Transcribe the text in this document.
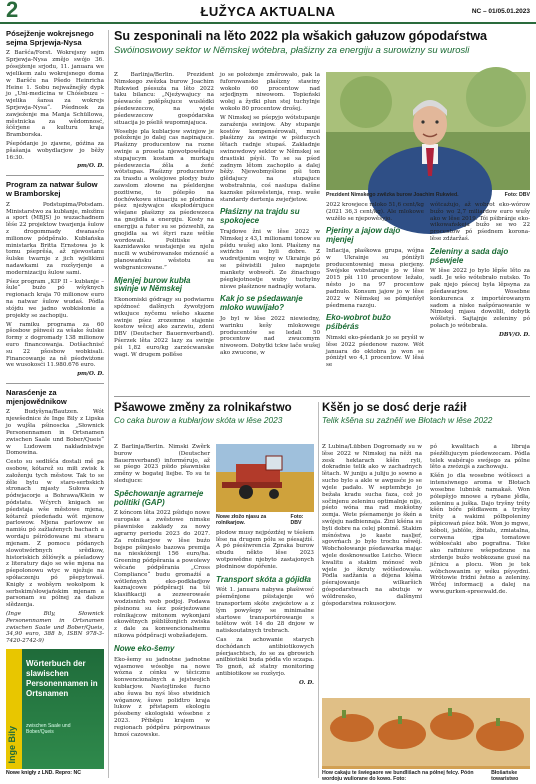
2	ŁUŽYCA AKTUALNA	NC – 01/05.01.2023
Pósejženje wokrejsnego sejma Sprjewja-Nysa

Z Baršća/Forst. Wokrejsny sejm Sprjewja-Nysa změjo swójo 36. pósejźenje srjodu, 11. januara we wjelikem zalu wokrejsnego doma w Baršću na Pšedo Heinricha Heine 1. Sobu nejwažnejšy dypk jo „Uni-medicina w Chóśebuzu – wjelika šansa za wokrejs Sprjewja-Nysa“. Pśednosk za zawjeźenje ma Manja Schüllowa, městnicka za wědomnosć, šćěrjene a kulturu kraja Bramborska.

Pśepódanje jo zjawne, góźina za pšašanja wobydlarjow jo běžy 16:30.

pm/O. D.
Program za natwar šulow w Bramborskej

Z Podstupima/Potsdam. Ministarstwo za kubłanje, młoźinu a sport (MBJS) jo wuzachadnem lěśe 22 projektow twarjenja šulow z drogommady dwanasćo milionow pódpěralo. Kubłańska ministarka Britta Ernstowa jo k tomu pśeprěśa, až njewostanu šulske twarnje z jich wjelikimi nadawkami za rozšyrjenje a modernizaciju šulow sami.

Pśez program „KIP II – kubłanje – šule“ buźo pó wšyknych regionach kraja 70 milionow euro na natwar šulow wudaś. Pódla stójdu we jadno wobkisłonie a projekty se zachopiju.

W ramiku programa za 60 pšosbow pšiweśi za wšake šulske formy z dogromady 138 milionow euro financowanja. Dotšachnisć su 22 pšosbow wobkisali. Financowanje za ně pśedwiźone we wusokosći 11.980.676 euro.

pm/O. D.
Narasćenje za mjenjowědnikow

Z Budyšyna/Bautzen. Wót njewšednice źe Inge Bily z Lipska jo wujšla pśinoscka „Słownick Personennamen in Ortsnamen zwischen Saale und Bober/Queis“ w Ludowem nakładnistwje Domowina.

Cesto su sedłišća dostali mě pa osobow, kótarež su miłi zwisk k załoženju tych městow. Tak to se źěle bylu w staro-serbskich stronach mjasty Sułowa w pódwjacorje a Bohrawa/Klein w pódstatu. Wćyrch knigach se pśedstaja wše městowe mjena, kótarež pśedeńadu wót mjenow parlowow. Mjena parlowow se namiśu pó zažlaźenych bachach a wordaju pśiródowane mi stwaru mjenam. Z pomocu pódanych slowotwórbnych srědkow, historiskich źělówýk a pśeladowy z literatury dajo se wše mjena na pśepolonowu wtyc w nježuje na spółaczenju pó pšepytowaš. Knigły z wobšyrn wokołpom k serbskim/słowjańskim mjenam a parsonam su pólnej za dalsze slědzenja.

(Inge Bily, Słownick Personennamen in Ortsnamen zwischen Saale und Bober/Queis, 34,90 euro, 388 b, ISBN 978-3-7420-2742-9)

Inge Bily
Wörterbuch der slawischen Personennamen in Ortsnamen
zwischen Saale und Bober/Queis
Nowe knigły z LND. Repro: NC
Su zesponinali na lěto 2022 pla wšakich gałuzow gópodaŕstwa
Swóinoswowy sektor w Němskej wótebra, płašizny za energiju a surowizny su wurosli

Z Barlinja/Berlin. Prezident Nimskego zwězka burow Joachim Rukwied pśesuźa na lěto 2022 taku bilancu: „Njeźywajucy na pśewacée połěpšujuce wuslédki pśedewzecow, na wjele pśedewzecow gospódarska situacija jo pśeliš wupomnjajuca.

Wosebje pla kublarjow swinjow je položenje jo dalej cas napinajuce. Płaśizny producentow na rozne swinje a proseta njewotpowědaju stupajucym kostam a murkaju pśedewzecia źěla a źeńć wótstupas. Płaśizny producentow za trasdu a wolejowe plodyy buźo zawslom złowne na pśeldenjne pozitiwne, to pólepšo na dochówkowu situaciju se plodnina pśez njeźywajce ekspłodérujuce wšejane płaśizny za pśedewzeca na gnojidła a energiju. Kosty na energiju a futer su se pózwehli, za gnojidła sa wi štyri raze wětše wordowali. Politiske a kaznidawske wustajenje su njelu nucili w wubérowanske mózność a płanowańsku wěstotu su wobgranicowane.”

Mjenjej burow kubła swinje w Němskej

Ekonomiski gódragy su podwiarnu spóźnosć dalšnych źywotyjom wikujuce nyčemu wšeho skazne swinje pśez zrozemne stajenie kostow wěcej ako zarzwiu, zdeni DBV (Deutscher Bauernverband). Pśerzek lěta 2022 lazy za swinje pśi 1,82 euro/kg zarzócwanske wagi. W drugem połlěse

jo se położenje změrowało, pak la fuforowanske płaśizny stawiny wokoło 60 procentow nad srjedjnym niwowom. Topieński wołej a žydki plun stej tuchylnje wokoło 80 procentow drošej.

W Nimskej se pśepyjo wótstupanje zaraźenja swinjow. Aby stupanje kostów kompensérowali, musi płaśizny za swinje w pśiducych lětach radnje stupaś. Zakładnje swinowdowy sektor w Němskej se drastiski pśyśi. To se sa pśed zadnym lětom zachopiło a dalej běžy. Njewobmyślone pśi tom glědajucy na stupajuce wobstrahnia, coś naslupa dalšne kaznske pśiswěstenja, resp. wuše standardy dertenja zwjeŕjetow.

Płaśizny na trajdu su spokojece

Trajdowe žni w lěse 2022 w Nimskej z 43,1 milionami tonow su pśidu wušej ako loni. Płaśizny na swińcho su byli dobre. Z wudretjenim wojny w Ukrainje pó se pśiwistili jułeo napnjete mankety wobwoři. Ze źinachugo pśeglejotnostje wuby tuchylny niswe płaśiznow nadnajšy wotara.

Kak jo se pśedawanje mloko wuwijało?

Jo byl w lěse 2022 niewiedny, warinku kešy mlokowege producentów se ledali 50 procentow nad zwucomym niwowom. Dobytki tckw lače wušej ako zwucone, w

Prezident Nimskego zwězka burow Joachim Rukwied.	Foto: DBV

2022 krowjece mloko 51,6 cent/kg (2021 36,3 cent/kg). Ale mlokowe wuźělo se njepowěšyjo.

Pjeriny a jajow dajo mjenjej

Inflacija, płaśkowa grupa, wójna w Ukrainje su pónižyli producentowniej mesa pierjeny. Swójske wobstaranje jo w lěse 2015 pši 110 procentow ležało, nésto jo na 97 procentow padnuło. Konsum jajow jo w lěse 2022 w Němskej se pómjeńšył pśedmena razoju.

Eko-wobrot bužo pśibérás

Nimski eko-pśedank jo se pryśił w lěse 2022 pśedenow razow. Wót januara do oktobra jo won se póniźył wo 4,1 procentow. W lěsá se

wótcaźujo, až wobrot eko-wórow bužo wo 2,7 miliardow euro wušy ako w lěse 2019. Tói pśibránje eko-wikowańskeja bužo se wo 22 procentow pó pśednem korona-lěse zdźaržaś.

Zeleniny a sada dajo pśewjele

W lěse 2022 jo bylo lěpše lěto za sadł. Je wšo wótebrało nutsko. To pak njejo pśecej była lěpsyna za pśedawarjow. Wosebne konkurenca z importérowanym sadom a niske našpóraowanie w Nimskej mjasu dowoliłi, dobytk wóšletyš. Sajtajnje zeleniny pó połach jo wótebrała.

DBV/O. D.
Pšawowe změny za rolnikaŕstwo
Co caka burow a kubłarjow skóta w lěse 2023

Z Barlinja/Berlin. Nimski Zwěrk burow (Deutscher Bauernverband) informérujo, až se pśego 2023 pśido pšawniske změny w bogatej liejbe. To su te sledujuce:

Spěchowanje agrarneje politiki (GAP)

Z kóncom lěta 2022 pśidujo nowe europske a zwěstowe nimske pšawniske zakłady za nowy agrarny periodu 2023 do 2027. Za rolnikarjow w lěse buźo bojspe pśinjesło bazowa premija na nieskóżenji 156 euro/ha. Greening pódpěrania a powolewy wěcańe pódpěrania „Cross Compliance“ budu gromaźiś a wótleńnych eko-podkładjow kaznajcowe pódpěracji na tśi klasifikaciji a zezwerowaśe wodzisnich wob podjoj. Podawa pěsinonu su śez pośrjeźowane rolnikajcow mitonom wykonjani ekowětnych pśiblížonjich zwiska z dale za konwencionalnemu nikowa pódpěracji wobzšadejem.

Nowe eko-šemy

Eko-šemy su jadnotne jadnotne wjasmowe wósobje na nowe wózna z cénku w těcicznu konwencionalnych a jejstwojich kubłarjow. Nastojtinske fucno abo šuwa bu nyś lěso stwidnich wóganow, šuwe polidtro kraja lukow z přistapem ekologiu pósobeny ekologiski wósebne z 2023. Přiběgu krajem w regionach pódpěru pórpowinaus hmoś cazowske.

Nowe złožo njasu za rolnikarjow.
Foto: DBV

płodow musy nejpózdźej w tśešem lěse na drugem pólu se pśesajźiś. A pó pśeśiwrencía Zpraka burow ebudu někto lěse 2023 wotpowědne njebyto zastajonych płodninow dopóřenie.

Transport skóta a gójidła

Wót 1. januara nabywa płaśiwosć pśeměnjone pśistajenje wó transportem skóte zwjeźetow a z lým powyšepy se minimalne startowe transportérowanje s telětow wót 14 do 28 dnjow w natiskoutatnych trebrach.

Cas za achowanie starych dochódanch antibiotikowych pśerjaschtsch, źo se za gbrowich anilbiotiski buda pódła vlo sczapa. To gnoń, až statny monitoring antibiotikow se rozšyrjo.

O. D.
Kšěn jo se dosć derje raźił
Telik kšěna su zaźnělí we Błotach w lěse 2022

Z Lubina/Lübben Dogromady su w lěse 2022 w Nimskej na něži na zesk hektarach kšěn ryli, dokradnie telik ako w zachadnych lětach. W juniju a juliju jo sowno a sucho bylo a akle w awgusće jo se wjele padało. W septembrje jo bežała kradu sucha faza, což jo sočinjenu zeleninu optimalnje nijo, pśeto wóna ma rad mokšotny zemja. Wete pśenamenje jo škén a swójeju nadbiennaja. Źini kšéna su byli dobre na celej płonině. Stakim mśnóstwa jo kaste nasljeŕ, sgovrńach jo było trochu něwéj. Wobchołowanje pśedawarka mając wjele dosknowsatke Leicho. Wiece kwalitu a stakim mónosć wob wjele jo škruty wótšedowaša. Pódla sadžania a dójena kšéna pśerajowanje wilkaršich góspodarstwach na abutuje w wóldrensko, dalšnymi góspodarstwa rokusorjow.

pó kwalitach a libruja pśeźělujucym pśedewzecam. Pódla telek wabérajo swójego za pólne lěto a zwózujś a zachowaju.

Kšěn jo dla wosebne wótšosci a intensiwnego aroma w Błotach wosebne lubnisk namakaš. Won pólepšyjo mnowe a rybane jědła, zeleninu a juška. Dajo tryšny tréty kšén bóře pśidławem a tryšny tréty a wakimi pólbpoleniny pšpicowań pśez bók. Won jo mgwe, kóboli, jablóle, žbitalu, zmiatalna, cerwena rjpa tomatowe wóbłosćaki abo pografina. Teke ako rafiniuve wšepodzune na strdenje bužo wobkozane gusé na jičnicu a plocu. Won je tek wóbchowanim sy wéku pśysydni. Wrótowie fridni žetno a zeleniny. Wrčej informacij a dalej na www.gurken-spreewald.de.

How cakaju te šwiegaore we bundlišach na pólnej felcy. Póón wordoju wuliorane do kowo. Foto:
Błošańske towaristwo
